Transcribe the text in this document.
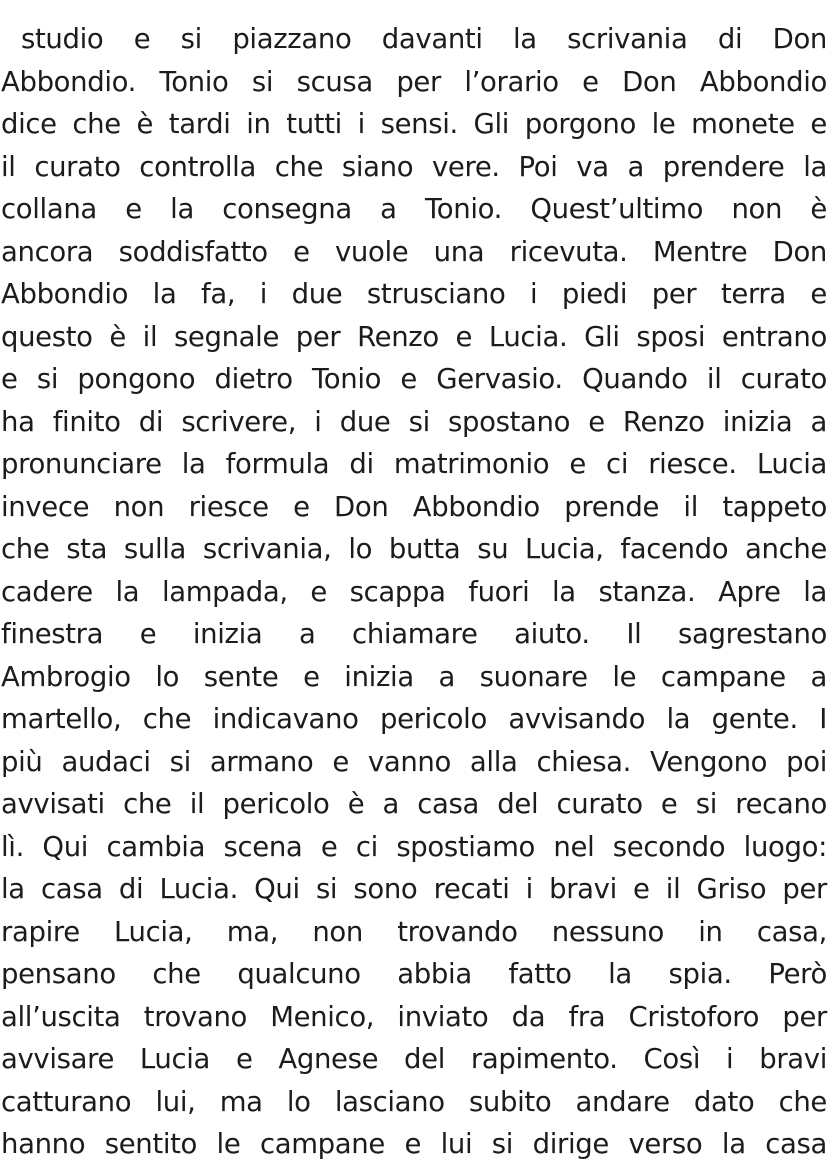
studio e si piazzano davanti la scrivania di Don
Abbondio. Tonio si scusa per l’orario e Don Abbondio
dice che è tardi in tutti i sensi. Gli porgono le monete e
il curato controlla che siano vere. Poi va a prendere la
collana e la consegna a Tonio. Quest’ultimo non è
ancora soddisfatto e vuole una ricevuta. Mentre Don
Abbondio la fa, i due strusciano i piedi per terra e
questo è il segnale per Renzo e Lucia. Gli sposi entrano
e si pongono dietro Tonio e Gervasio. Quando il curato
ha finito di scrivere, i due si spostano e Renzo inizia a
pronunciare la formula di matrimonio e ci riesce. Lucia
invece non riesce e Don Abbondio prende il tappeto
che sta sulla scrivania, lo butta su Lucia, facendo anche
cadere la lampada, e scappa fuori la stanza. Apre la
finestra e inizia a chiamare aiuto. Il sagrestano
Ambrogio lo sente e inizia a suonare le campane a
martello, che indicavano pericolo avvisando la gente. I
più audaci si armano e vanno alla chiesa. Vengono poi
avvisati che il pericolo è a casa del curato e si recano
lì. Qui cambia scena e ci spostiamo nel secondo luogo:
la casa di Lucia. Qui si sono recati i bravi e il Griso per
rapire Lucia, ma, non trovando nessuno in casa,
pensano che qualcuno abbia fatto la spia. Però
all’uscita trovano Menico, inviato da fra Cristoforo per
avvisare Lucia e Agnese del rapimento. Così i bravi
catturano lui, ma lo lasciano subito andare dato che
hanno sentito le campane e lui si dirige verso la casa
